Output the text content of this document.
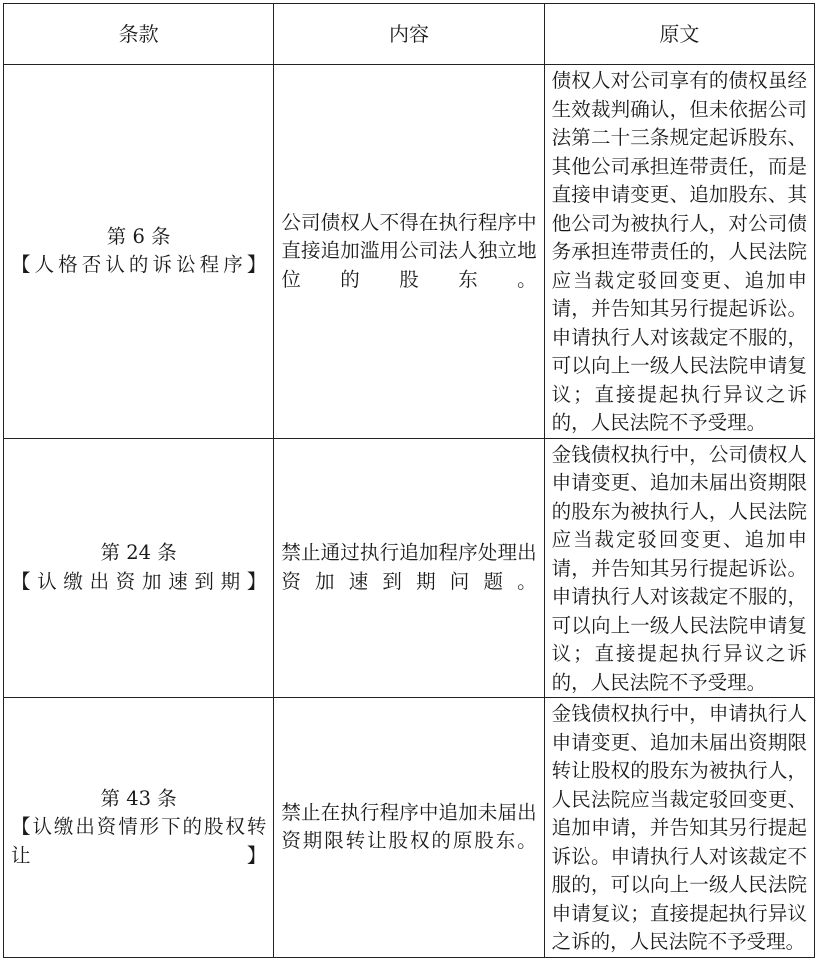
条款	内容	原文

第 6 条
【人格否认的诉讼程序】	公司债权人不得在执行程序中直接追加滥用公司法人独立地位的股东。	债权人对公司享有的债权虽经生效裁判确认，但未依据公司法第二十三条规定起诉股东、其他公司承担连带责任，而是直接申请变更、追加股东、其他公司为被执行人，对公司债务承担连带责任的，人民法院应当裁定驳回变更、追加申请，并告知其另行提起诉讼。申请执行人对该裁定不服的，可以向上一级人民法院申请复议；直接提起执行异议之诉的，人民法院不予受理。

第 24 条
【认缴出资加速到期】	禁止通过执行追加程序处理出资加速到期问题。	金钱债权执行中，公司债权人申请变更、追加未届出资期限的股东为被执行人，人民法院应当裁定驳回变更、追加申请，并告知其另行提起诉讼。申请执行人对该裁定不服的，可以向上一级人民法院申请复议；直接提起执行异议之诉的，人民法院不予受理。

第 43 条
【认缴出资情形下的股权转让】	禁止在执行程序中追加未届出资期限转让股权的原股东。	金钱债权执行中，申请执行人申请变更、追加未届出资期限转让股权的股东为被执行人，人民法院应当裁定驳回变更、追加申请，并告知其另行提起诉讼。申请执行人对该裁定不服的，可以向上一级人民法院申请复议；直接提起执行异议之诉的，人民法院不予受理。
